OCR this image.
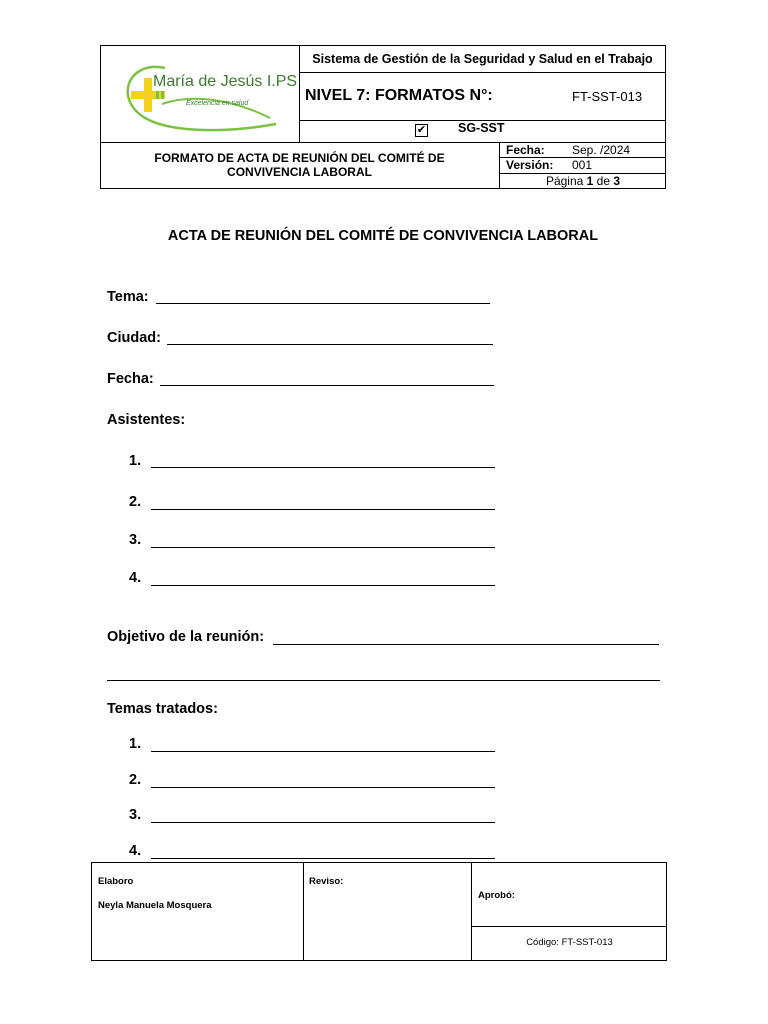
María de Jesús I.PS
Excelencia en salud
Sistema de Gestión de la Seguridad y Salud en el Trabajo
NIVEL 7: FORMATOS N°:	FT-SST-013
✔	SG-SST
FORMATO DE ACTA DE REUNIÓN DEL COMITÉ DE
CONVIVENCIA LABORAL
Fecha: Sep. /2024
Versión: 001
Página 1 de 3
ACTA DE REUNIÓN DEL COMITÉ DE CONVIVENCIA LABORAL
Tema:
Ciudad:
Fecha:
Asistentes:
1.
2.
3.
4.
Objetivo de la reunión:
Temas tratados:
1.
2.
3.
4.
Elaboro
Neyla Manuela Mosquera
Reviso:
Aprobó:
Código: FT-SST-013
